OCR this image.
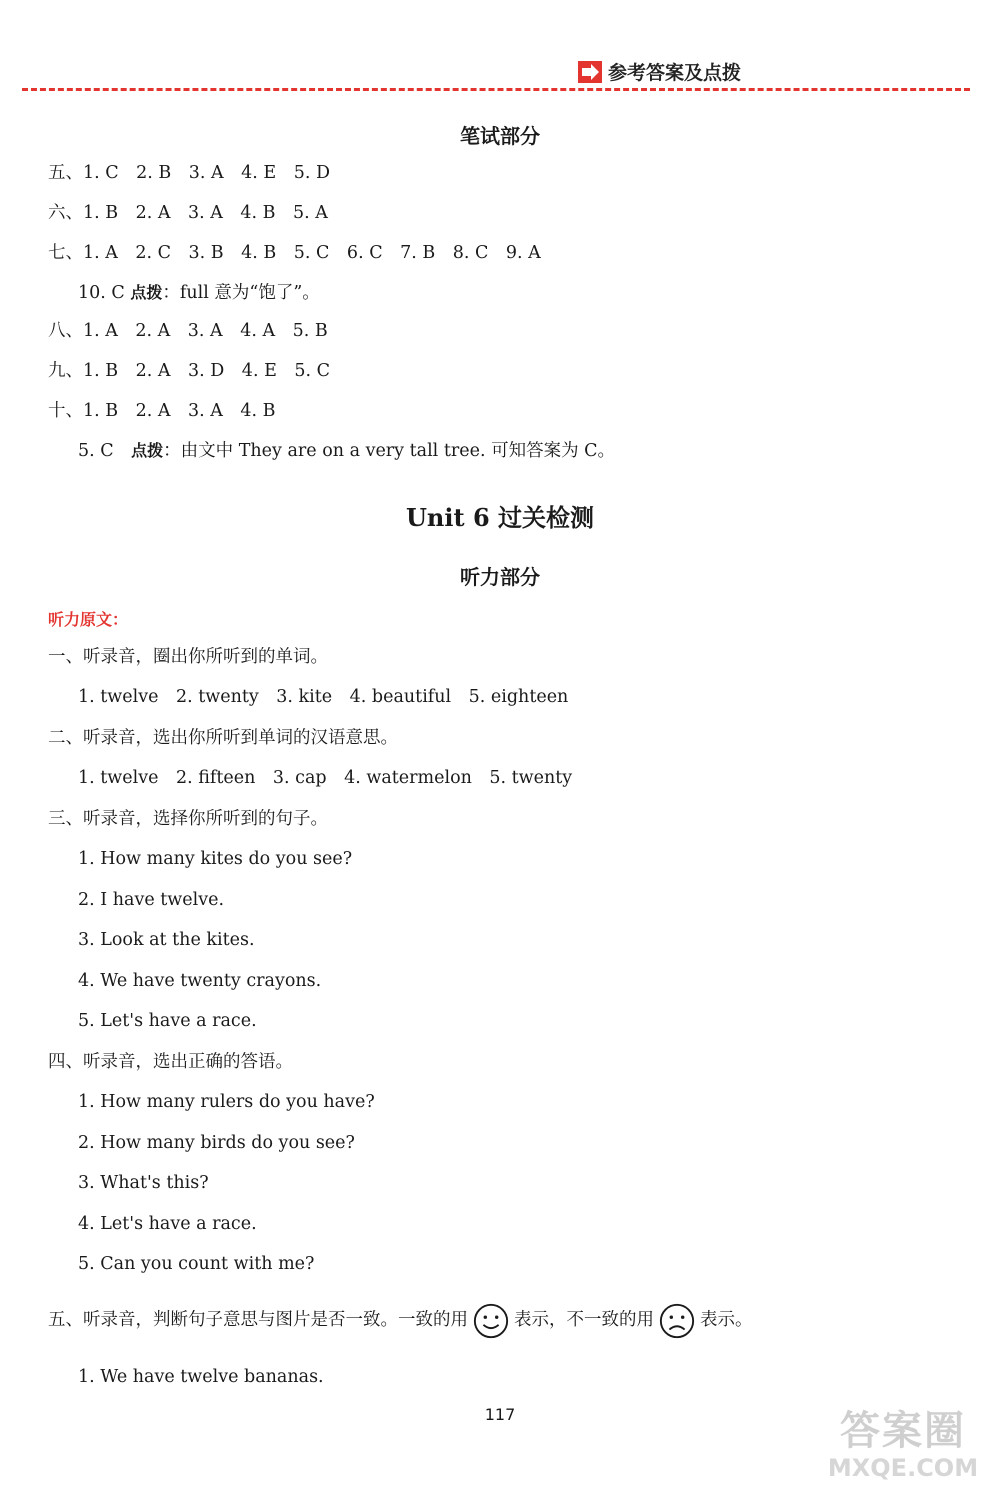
参考答案及点拨
笔试部分
五、1. C　2. B　3. A　4. E　5. D
六、1. B　2. A　3. A　4. B　5. A
七、1. A　2. C　3. B　4. B　5. C　6. C　7. B　8. C　9. A
10. C 点拨：full 意为“饱了”。
八、1. A　2. A　3. A　4. A　5. B
九、1. B　2. A　3. D　4. E　5. C
十、1. B　2. A　3. A　4. B
5. C　点拨：由文中 They are on a very tall tree. 可知答案为 C。
Unit 6 过关检测
听力部分
听力原文：
一、听录音，圈出你所听到的单词。
1. twelve　2. twenty　3. kite　4. beautiful　5. eighteen
二、听录音，选出你所听到单词的汉语意思。
1. twelve　2. fifteen　3. cap　4. watermelon　5. twenty
三、听录音，选择你所听到的句子。
1. How many kites do you see?
2. I have twelve.
3. Look at the kites.
4. We have twenty crayons.
5. Let's have a race.
四、听录音，选出正确的答语。
1. How many rulers do you have?
2. How many birds do you see?
3. What's this?
4. Let's have a race.
5. Can you count with me?
五、听录音，判断句子意思与图片是否一致。一致的用	表示，不一致的用	表示。
1. We have twelve bananas.
117	答案圈
MXQE.COM
